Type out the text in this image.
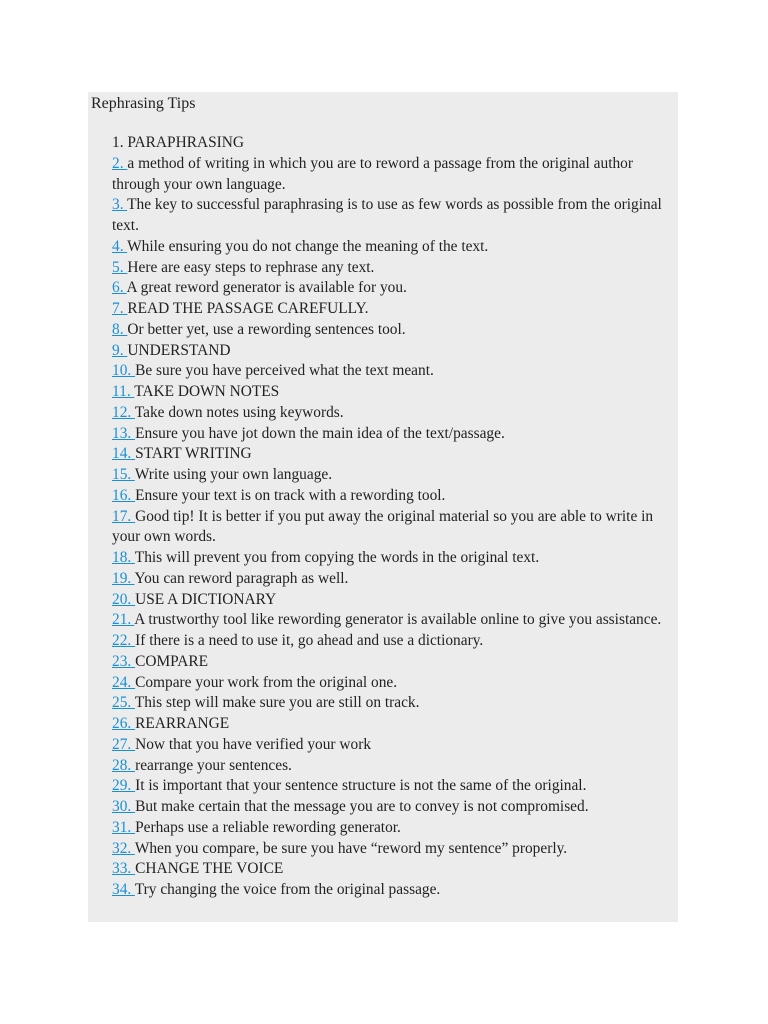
Rephrasing Tips
1. PARAPHRASING
2. a method of writing in which you are to reword a passage from the original author through your own language.
3. The key to successful paraphrasing is to use as few words as possible from the original text.
4. While ensuring you do not change the meaning of the text.
5. Here are easy steps to rephrase any text.
6. A great reword generator is available for you.
7. READ THE PASSAGE CAREFULLY.
8. Or better yet, use a rewording sentences tool.
9. UNDERSTAND
10. Be sure you have perceived what the text meant.
11. TAKE DOWN NOTES
12. Take down notes using keywords.
13. Ensure you have jot down the main idea of the text/passage.
14. START WRITING
15. Write using your own language.
16. Ensure your text is on track with a rewording tool.
17. Good tip! It is better if you put away the original material so you are able to write in your own words.
18. This will prevent you from copying the words in the original text.
19. You can reword paragraph as well.
20. USE A DICTIONARY
21. A trustworthy tool like rewording generator is available online to give you assistance.
22. If there is a need to use it, go ahead and use a dictionary.
23. COMPARE
24. Compare your work from the original one.
25. This step will make sure you are still on track.
26. REARRANGE
27. Now that you have verified your work
28. rearrange your sentences.
29. It is important that your sentence structure is not the same of the original.
30. But make certain that the message you are to convey is not compromised.
31. Perhaps use a reliable rewording generator.
32. When you compare, be sure you have “reword my sentence” properly.
33. CHANGE THE VOICE
34. Try changing the voice from the original passage.
